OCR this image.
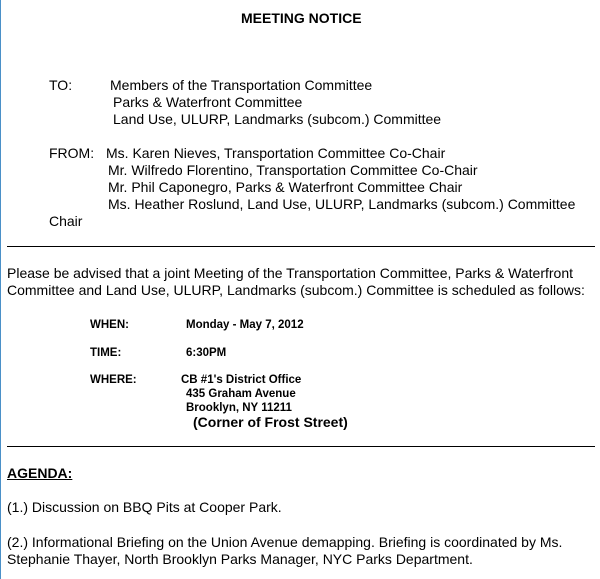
MEETING NOTICE
TO:	Members of the Transportation Committee
Parks & Waterfront Committee
Land Use, ULURP, Landmarks (subcom.) Committee
FROM: Ms. Karen Nieves, Transportation Committee Co-Chair
Mr. Wilfredo Florentino, Transportation Committee Co-Chair
Mr. Phil Caponegro, Parks & Waterfront Committee Chair
Ms. Heather Roslund, Land Use, ULURP, Landmarks (subcom.) Committee
Chair
Please be advised that a joint Meeting of the Transportation Committee, Parks & Waterfront
Committee and Land Use, ULURP, Landmarks (subcom.) Committee is scheduled as follows:
WHEN:	Monday - May 7, 2012
TIME:	6:30PM
WHERE:	CB #1's District Office
435 Graham Avenue
Brooklyn, NY 11211
(Corner of Frost Street)
AGENDA:
(1.) Discussion on BBQ Pits at Cooper Park.
(2.) Informational Briefing on the Union Avenue demapping. Briefing is coordinated by Ms.
Stephanie Thayer, North Brooklyn Parks Manager, NYC Parks Department.
